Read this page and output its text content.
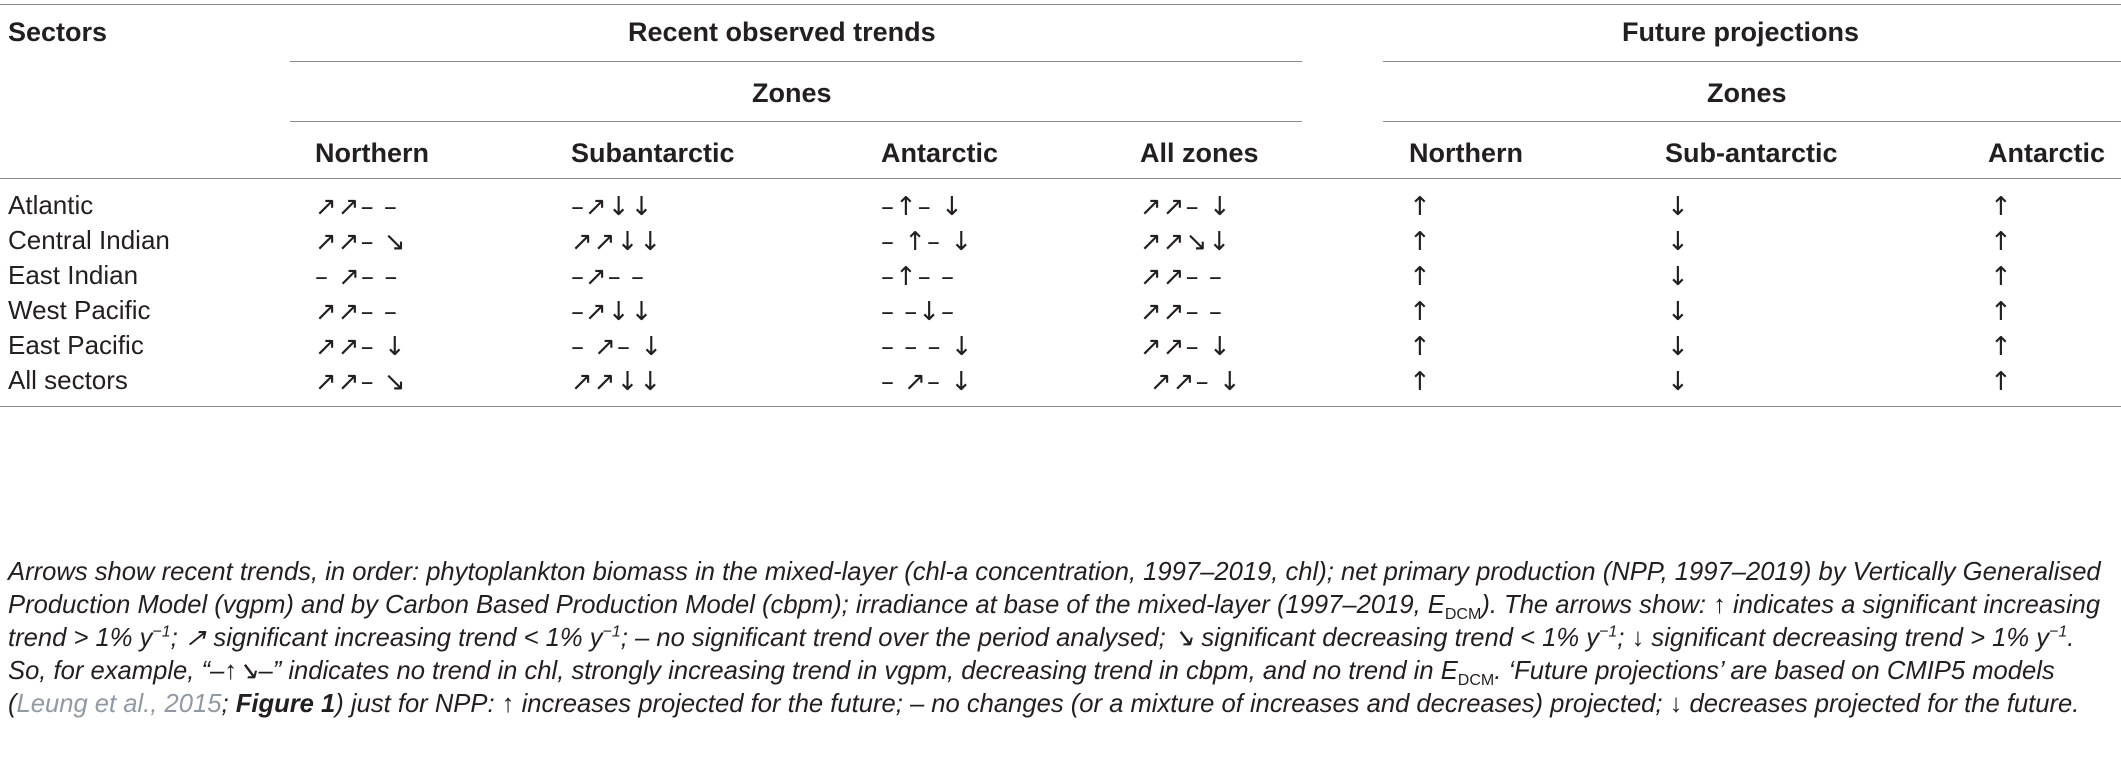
Sectors	Recent observed trends	Future projections
Zones	Zones
Northern	Subantarctic	Antarctic	All zones	Northern	Sub-antarctic	Antarctic
Atlantic	↗↗– –	–↗↓↓	–↑– ↓	↗↗– ↓	↑	↓	↑
Central Indian	↗↗– ↘	↗↗↓↓	– ↑– ↓	↗↗↘↓	↑	↓	↑
East Indian	– ↗– –	–↗– –	–↑– –	↗↗– –	↑	↓	↑
West Pacific	↗↗– –	–↗↓↓	– –↓–	↗↗– –	↑	↓	↑
East Pacific	↗↗– ↓	– ↗– ↓	– – – ↓	↗↗– ↓	↑	↓	↑
All sectors	↗↗– ↘	↗↗↓↓	– ↗– ↓	↗↗– ↓	↑	↓	↑
Arrows show recent trends, in order: phytoplankton biomass in the mixed-layer (chl-a concentration, 1997–2019, chl); net primary production (NPP, 1997–2019) by Vertically Generalised Production Model (vgpm) and by Carbon Based Production Model (cbpm); irradiance at base of the mixed-layer (1997–2019, $E_{DCM}$). The arrows show: ↑ indicates a significant increasing trend > 1% $y^{-1}$; ↗ significant increasing trend < 1% $y^{-1}$; – no significant trend over the period analysed; ↘ significant decreasing trend < 1% $y^{-1}$; ↓ significant decreasing trend > 1% $y^{-1}$. So, for example, “–↑↘–” indicates no trend in chl, strongly increasing trend in vgpm, decreasing trend in cbpm, and no trend in $E_{DCM}$. ‘Future projections’ are based on CMIP5 models (Leung et al., 2015; Figure 1) just for NPP: ↑ increases projected for the future; – no changes (or a mixture of increases and decreases) projected; ↓ decreases projected for the future.
